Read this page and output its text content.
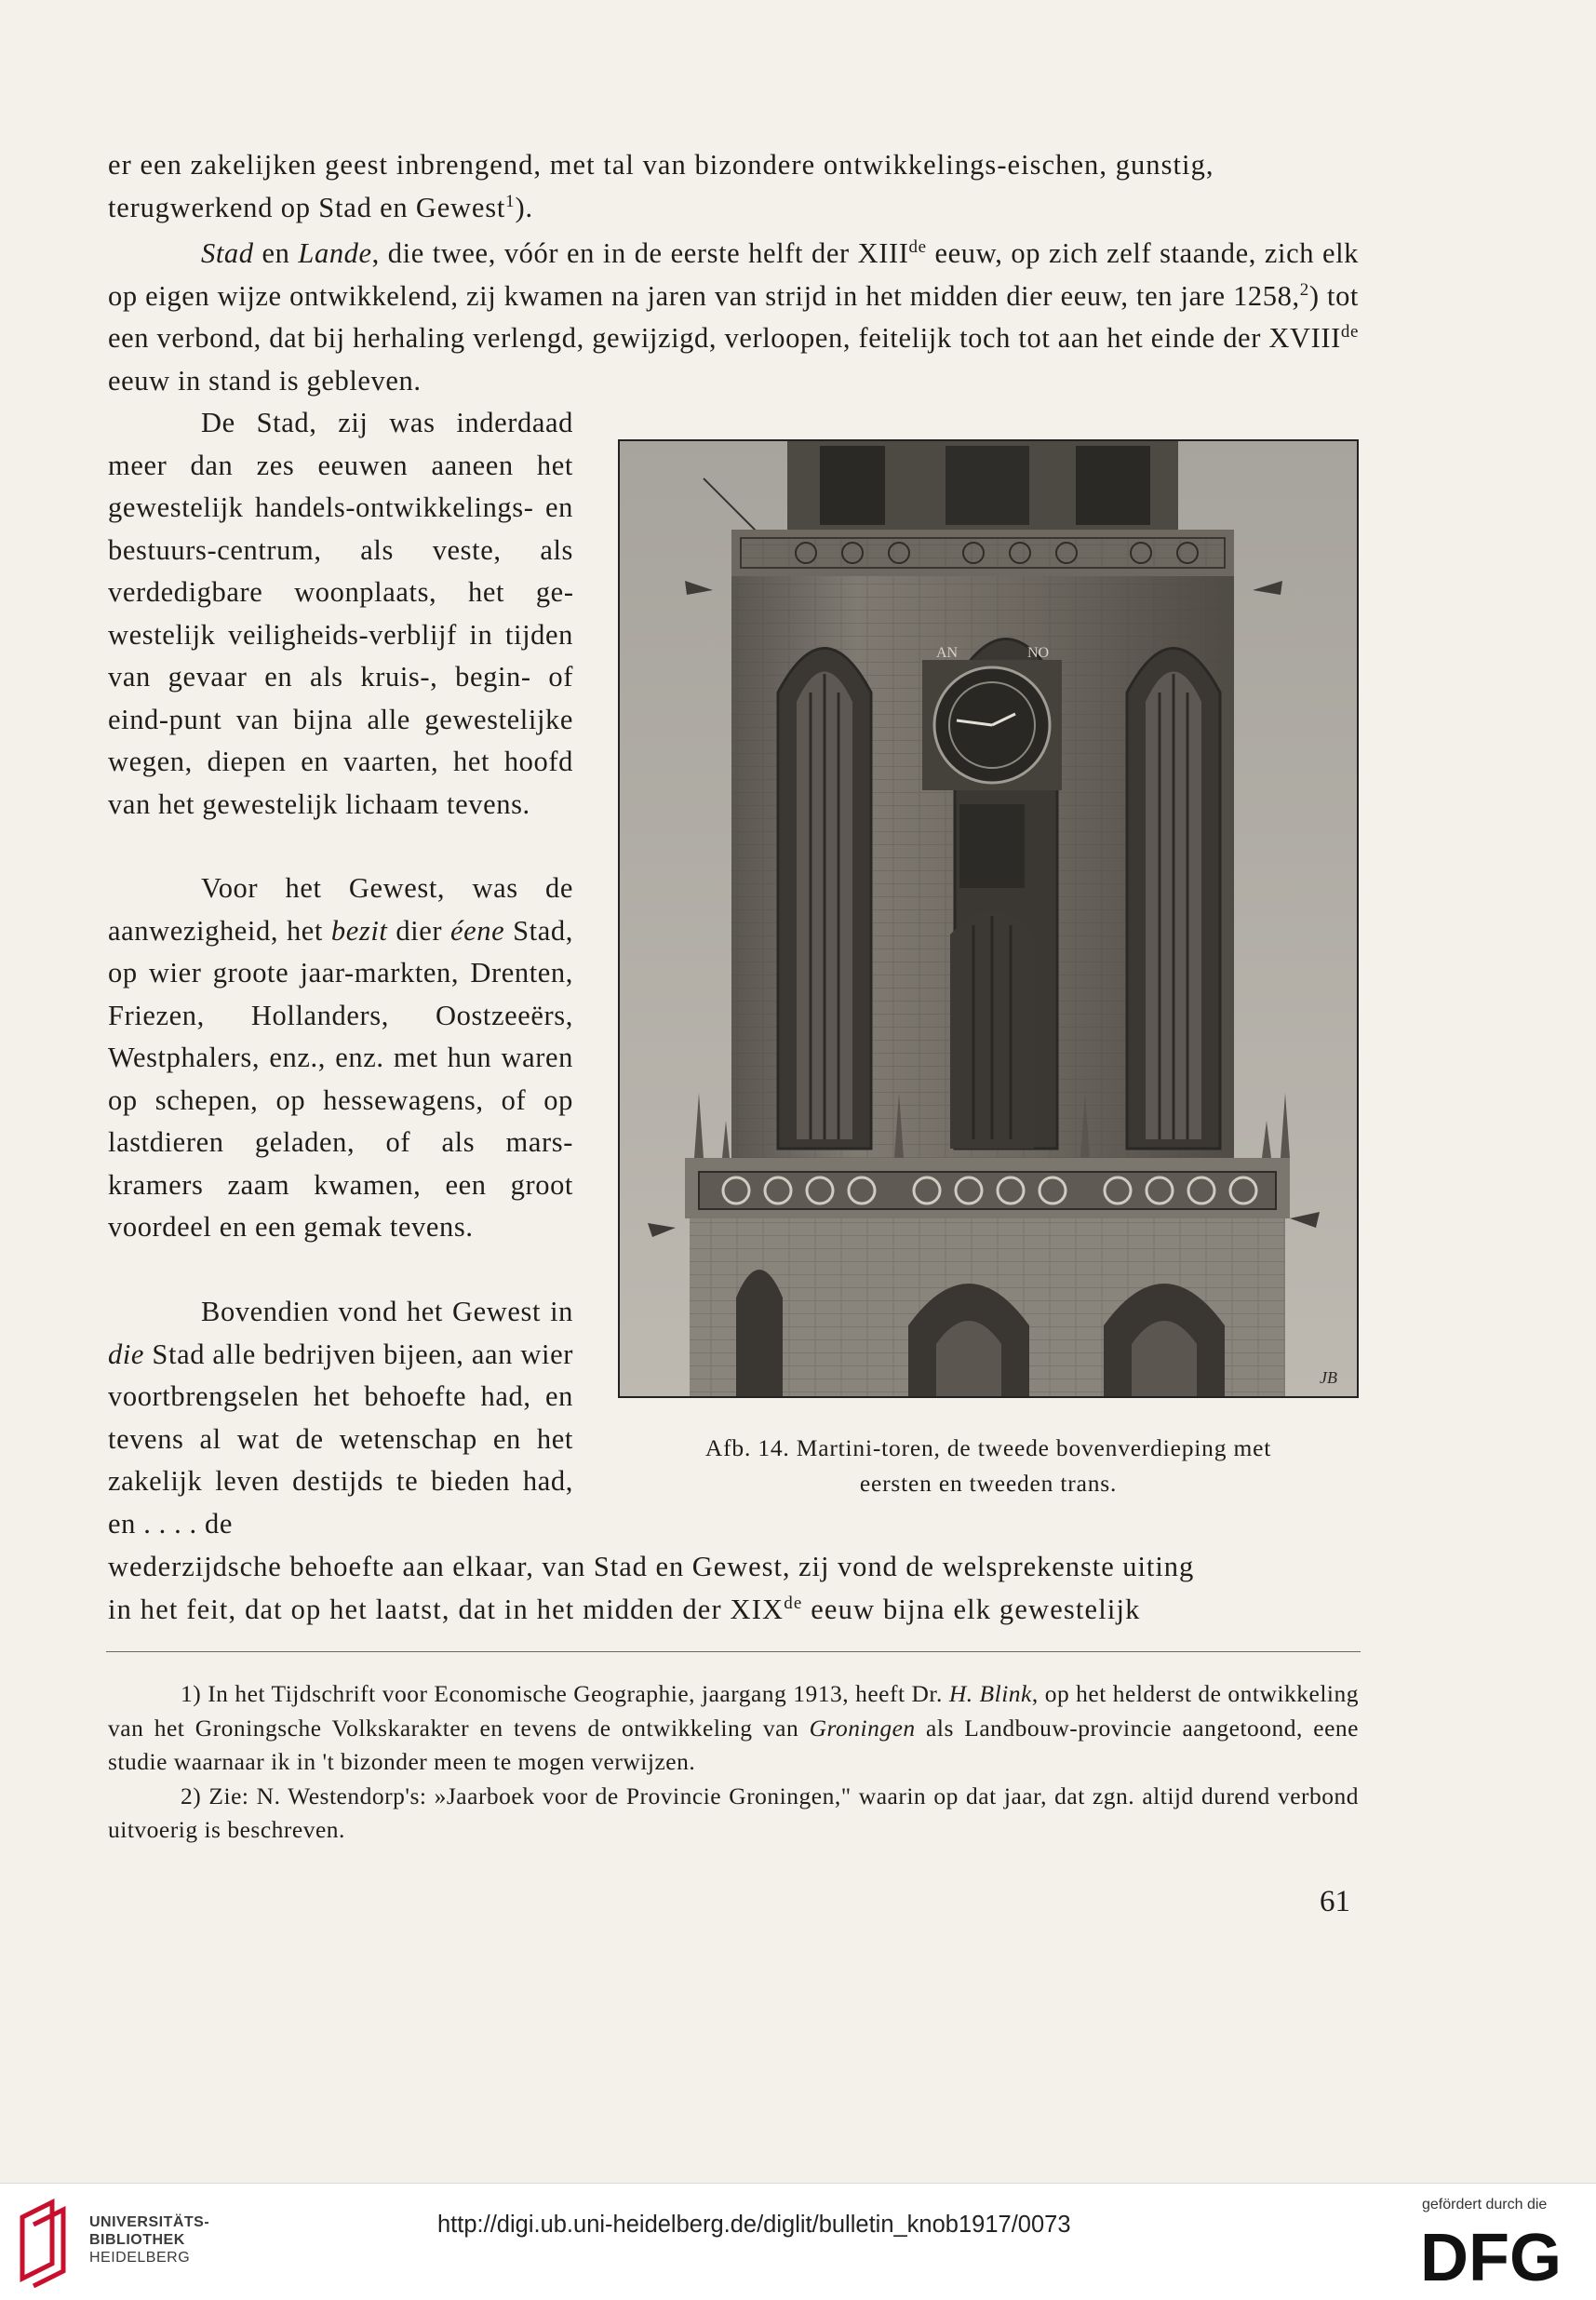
er een zakelijken geest inbrengend, met tal van bizondere ontwikkelings-eischen, gunstig,
terugwerkend op Stad en Gewest$^1$).
Stad en Lande, die twee, vóór en in de eerste helft der XIIIde eeuw, op zich zelf staande, zich elk op eigen wijze ontwikkelend, zij kwamen na jaren van strijd in het midden dier eeuw, ten jare 1258,$^2$) tot een verbond, dat bij herhaling verlengd, gewijzigd, verloopen, feitelijk toch tot aan het einde der XVIIIde eeuw in stand is gebleven.
De Stad, zij was inderdaad meer dan zes eeuwen aaneen het gewestelijk handels-ontwikkelings- en bestuurs-centrum, als veste, als verdedigbare woonplaats, het gewestelijk veiligheids-verblijf in tijden van gevaar en als kruis-, begin- of eind-punt van bijna alle gewestelijke wegen, diepen en vaarten, het hoofd van het gewestelijk lichaam tevens.
Voor het Gewest, was de aanwezigheid, het bezit dier éene Stad, op wier groote jaar-markten, Drenten, Friezen, Hollanders, Oostzeeërs, Westphalers, enz., enz. met hun waren op schepen, op hessewagens, of op lastdieren geladen, of als mars-kramers zaam kwamen, een groot voordeel en een gemak tevens.
Bovendien vond het Gewest in die Stad alle bedrijven bijeen, aan wier voortbrengselen het behoefte had, en tevens al wat de wetenschap en het zakelijk leven destijds te bieden had, en . . . . de
wederzijdsche behoefte aan elkaar, van Stad en Gewest, zij vond de welsprekenste uiting
in het feit, dat op het laatst, dat in het midden der XIXde eeuw bijna elk gewestelijk
AN	NO
JB
Afb. 14. Martini-toren, de tweede bovenverdieping met
eersten en tweeden trans.

1) In het Tijdschrift voor Economische Geographie, jaargang 1913, heeft Dr. H. Blink, op het helderst de ontwikkeling van het Groningsche Volkskarakter en tevens de ontwikkeling van Groningen als Landbouw-provincie aangetoond, eene studie waarnaar ik in 't bizonder meen te mogen verwijzen.

2) Zie: N. Westendorp's: »Jaarboek voor de Provincie Groningen," waarin op dat jaar, dat zgn. altijd durend verbond uitvoerig is beschreven.

61
UNIVERSITÄTS-
BIBLIOTHEK
HEIDELBERG
http://digi.ub.uni-heidelberg.de/diglit/bulletin_knob1917/0073
gefördert durch die
DFG
